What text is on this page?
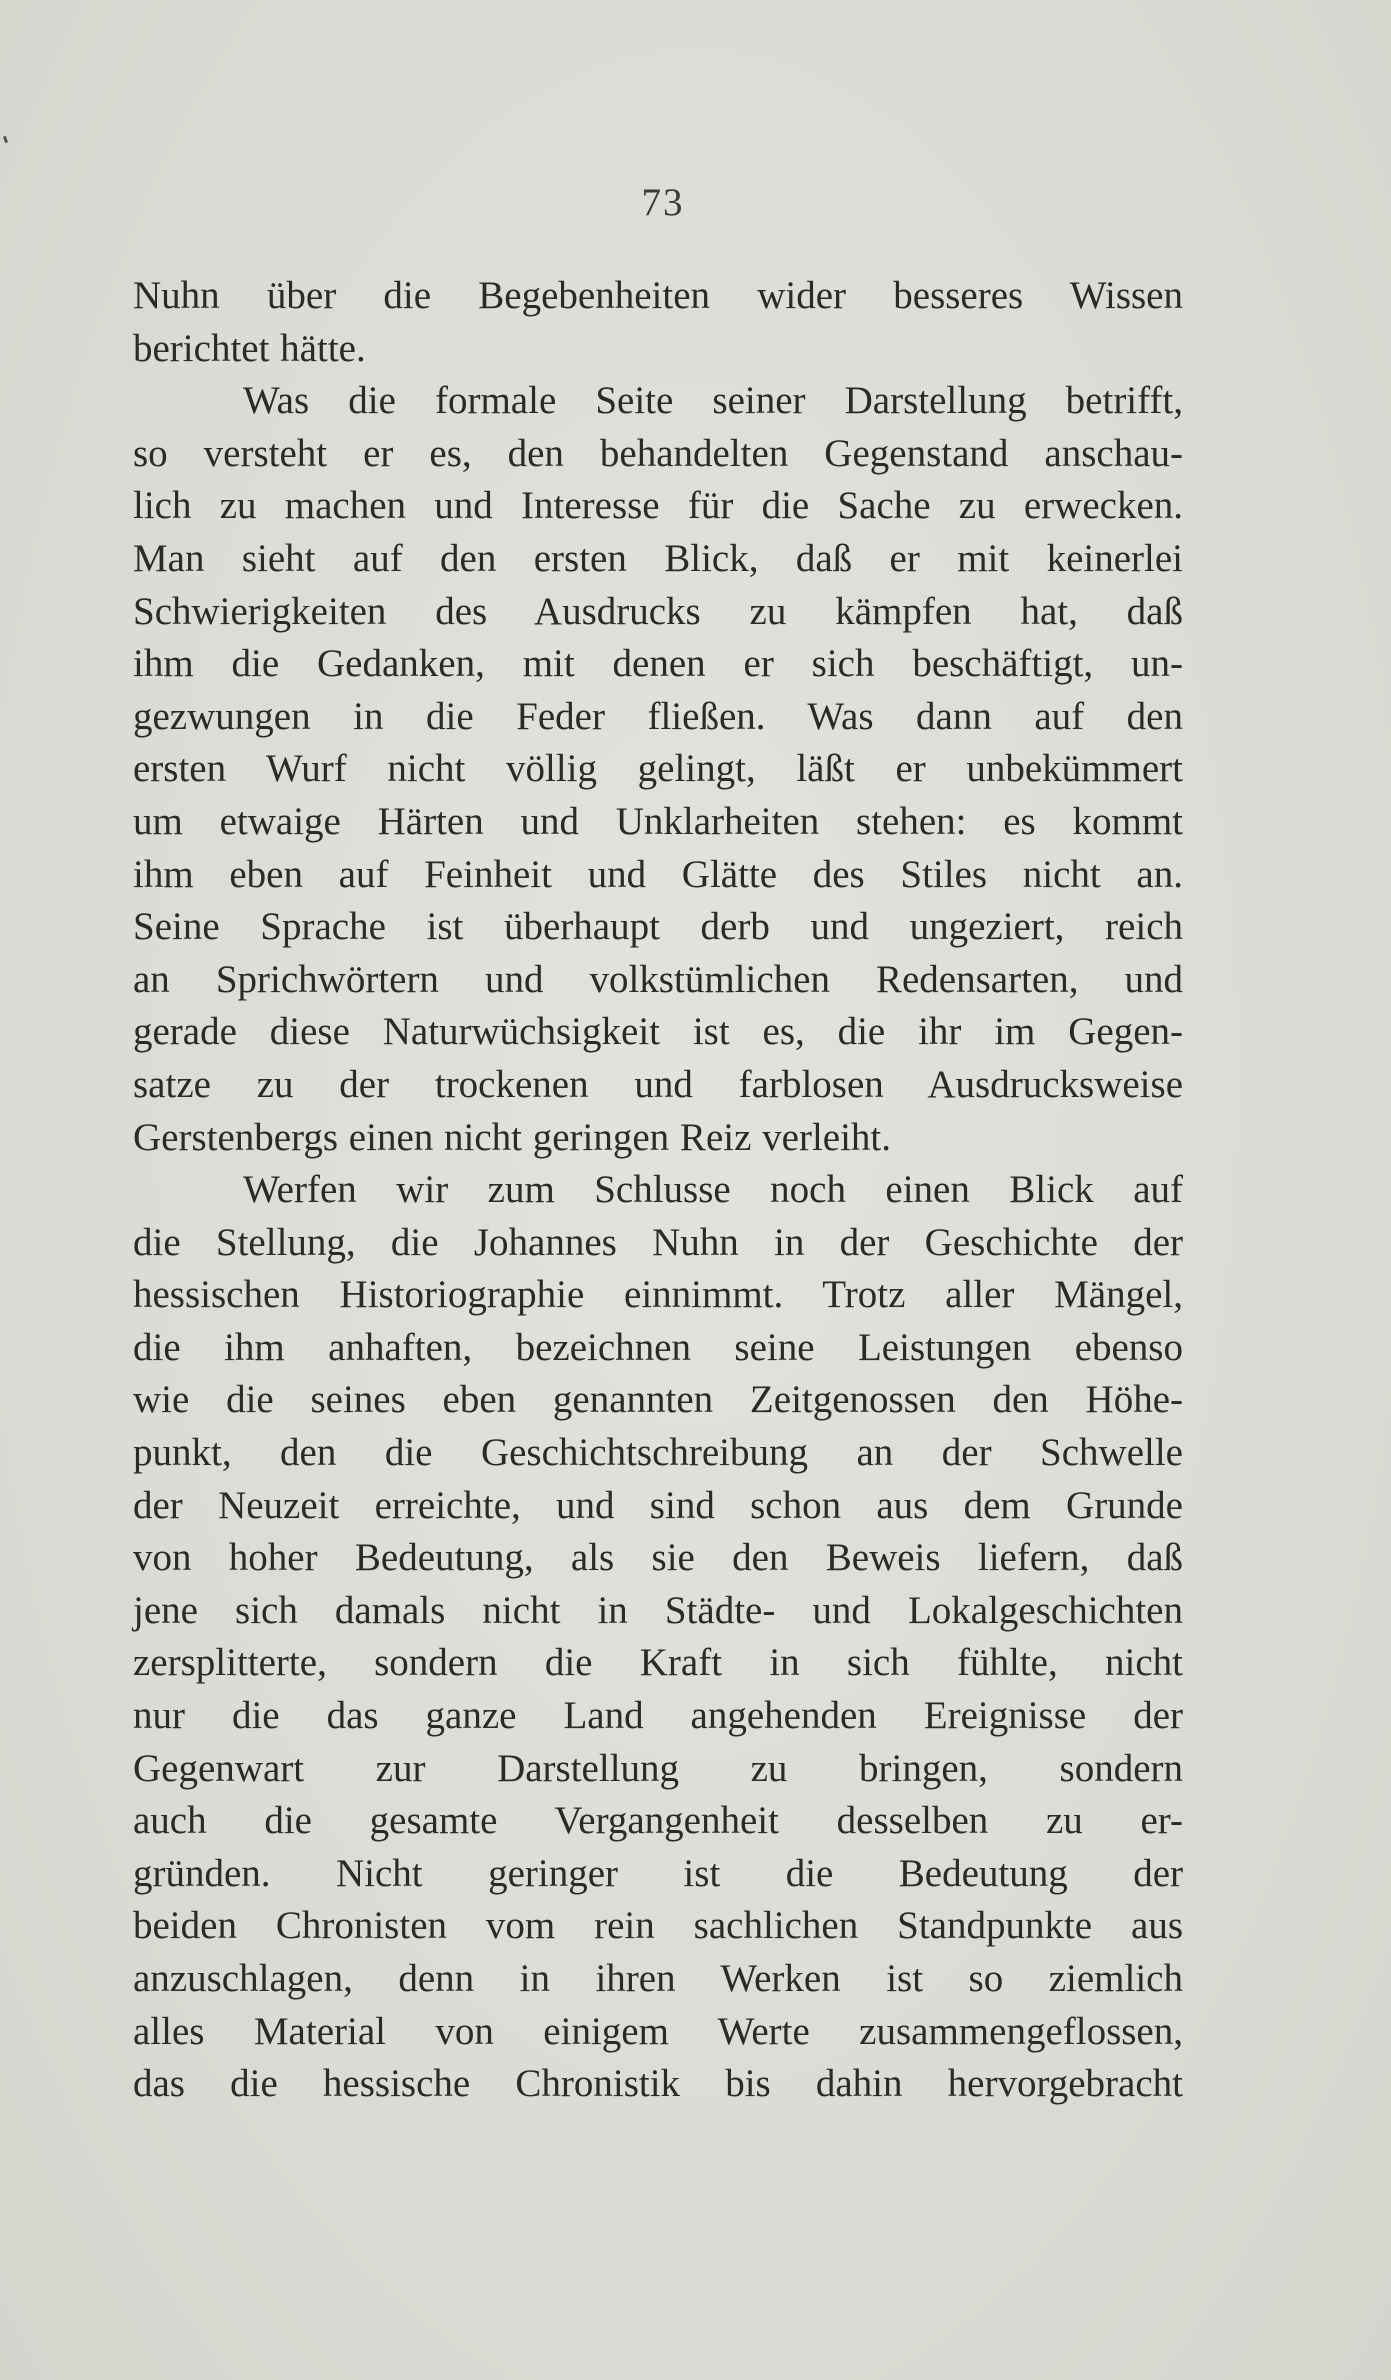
73
Nuhn über die Begebenheiten wider besseres Wissen
berichtet hätte.
Was die formale Seite seiner Darstellung betrifft,
so versteht er es, den behandelten Gegenstand anschau-
lich zu machen und Interesse für die Sache zu erwecken.
Man sieht auf den ersten Blick, daß er mit keinerlei
Schwierigkeiten des Ausdrucks zu kämpfen hat, daß
ihm die Gedanken, mit denen er sich beschäftigt, un-
gezwungen in die Feder fließen. Was dann auf den
ersten Wurf nicht völlig gelingt, läßt er unbekümmert
um etwaige Härten und Unklarheiten stehen: es kommt
ihm eben auf Feinheit und Glätte des Stiles nicht an.
Seine Sprache ist überhaupt derb und ungeziert, reich
an Sprichwörtern und volkstümlichen Redensarten, und
gerade diese Naturwüchsigkeit ist es, die ihr im Gegen-
satze zu der trockenen und farblosen Ausdrucksweise
Gerstenbergs einen nicht geringen Reiz verleiht.
Werfen wir zum Schlusse noch einen Blick auf
die Stellung, die Johannes Nuhn in der Geschichte der
hessischen Historiographie einnimmt. Trotz aller Mängel,
die ihm anhaften, bezeichnen seine Leistungen ebenso
wie die seines eben genannten Zeitgenossen den Höhe-
punkt, den die Geschichtschreibung an der Schwelle
der Neuzeit erreichte, und sind schon aus dem Grunde
von hoher Bedeutung, als sie den Beweis liefern, daß
jene sich damals nicht in Städte- und Lokalgeschichten
zersplitterte, sondern die Kraft in sich fühlte, nicht
nur die das ganze Land angehenden Ereignisse der
Gegenwart zur Darstellung zu bringen, sondern
auch die gesamte Vergangenheit desselben zu er-
gründen. Nicht geringer ist die Bedeutung der
beiden Chronisten vom rein sachlichen Standpunkte aus
anzuschlagen, denn in ihren Werken ist so ziemlich
alles Material von einigem Werte zusammengeflossen,
das die hessische Chronistik bis dahin hervorgebracht
